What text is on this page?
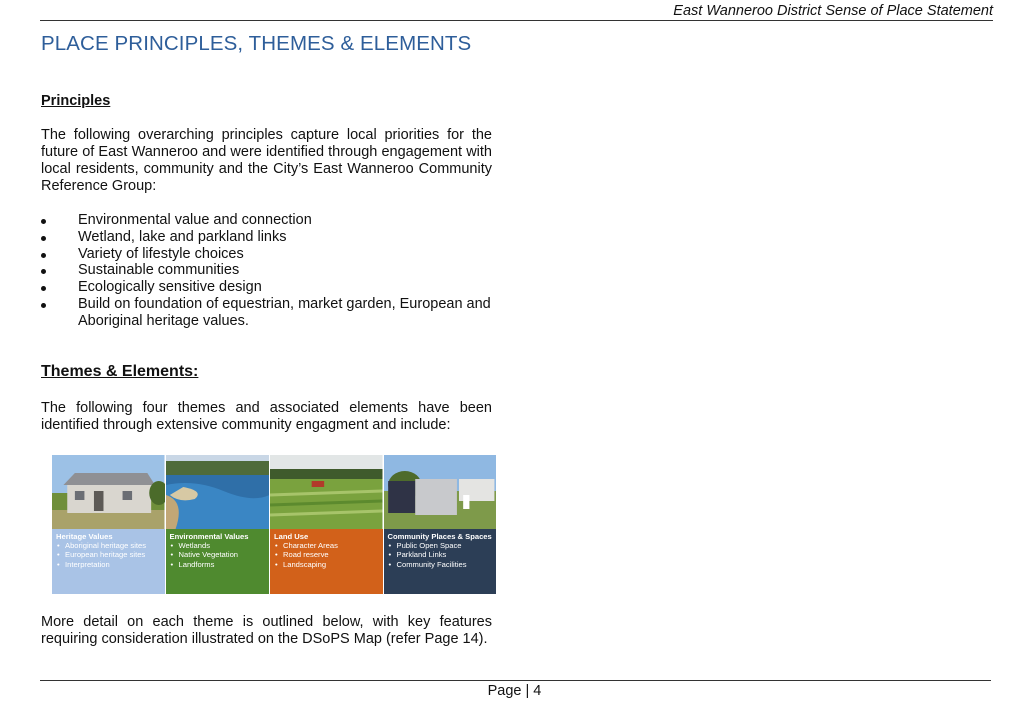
East Wanneroo District Sense of Place Statement
PLACE PRINCIPLES, THEMES & ELEMENTS

Principles

The following overarching principles capture local priorities for the future of East Wanneroo and were identified through engagement with local residents, community and the City’s East Wanneroo Community Reference Group:

Environmental value and connection
Wetland, lake and parkland links
Variety of lifestyle choices
Sustainable communities
Ecologically sensitive design
Build on foundation of equestrian, market garden, European and Aboriginal heritage values.

Themes & Elements:

The following four themes and associated elements have been identified through extensive community engagment and include:

Heritage Values
• Aboriginal heritage sites
• European heritage sites
• Interpretation
Environmental Values
• Wetlands
• Native Vegetation
• Landforms
Land Use
• Character Areas
• Road reserve
• Landscaping
Community Places & Spaces
• Public Open Space
• Parkland Links
• Community Facilities

More detail on each theme is outlined below, with key features requiring consideration illustrated on the DSoPS Map (refer Page 14).

Page | 4
